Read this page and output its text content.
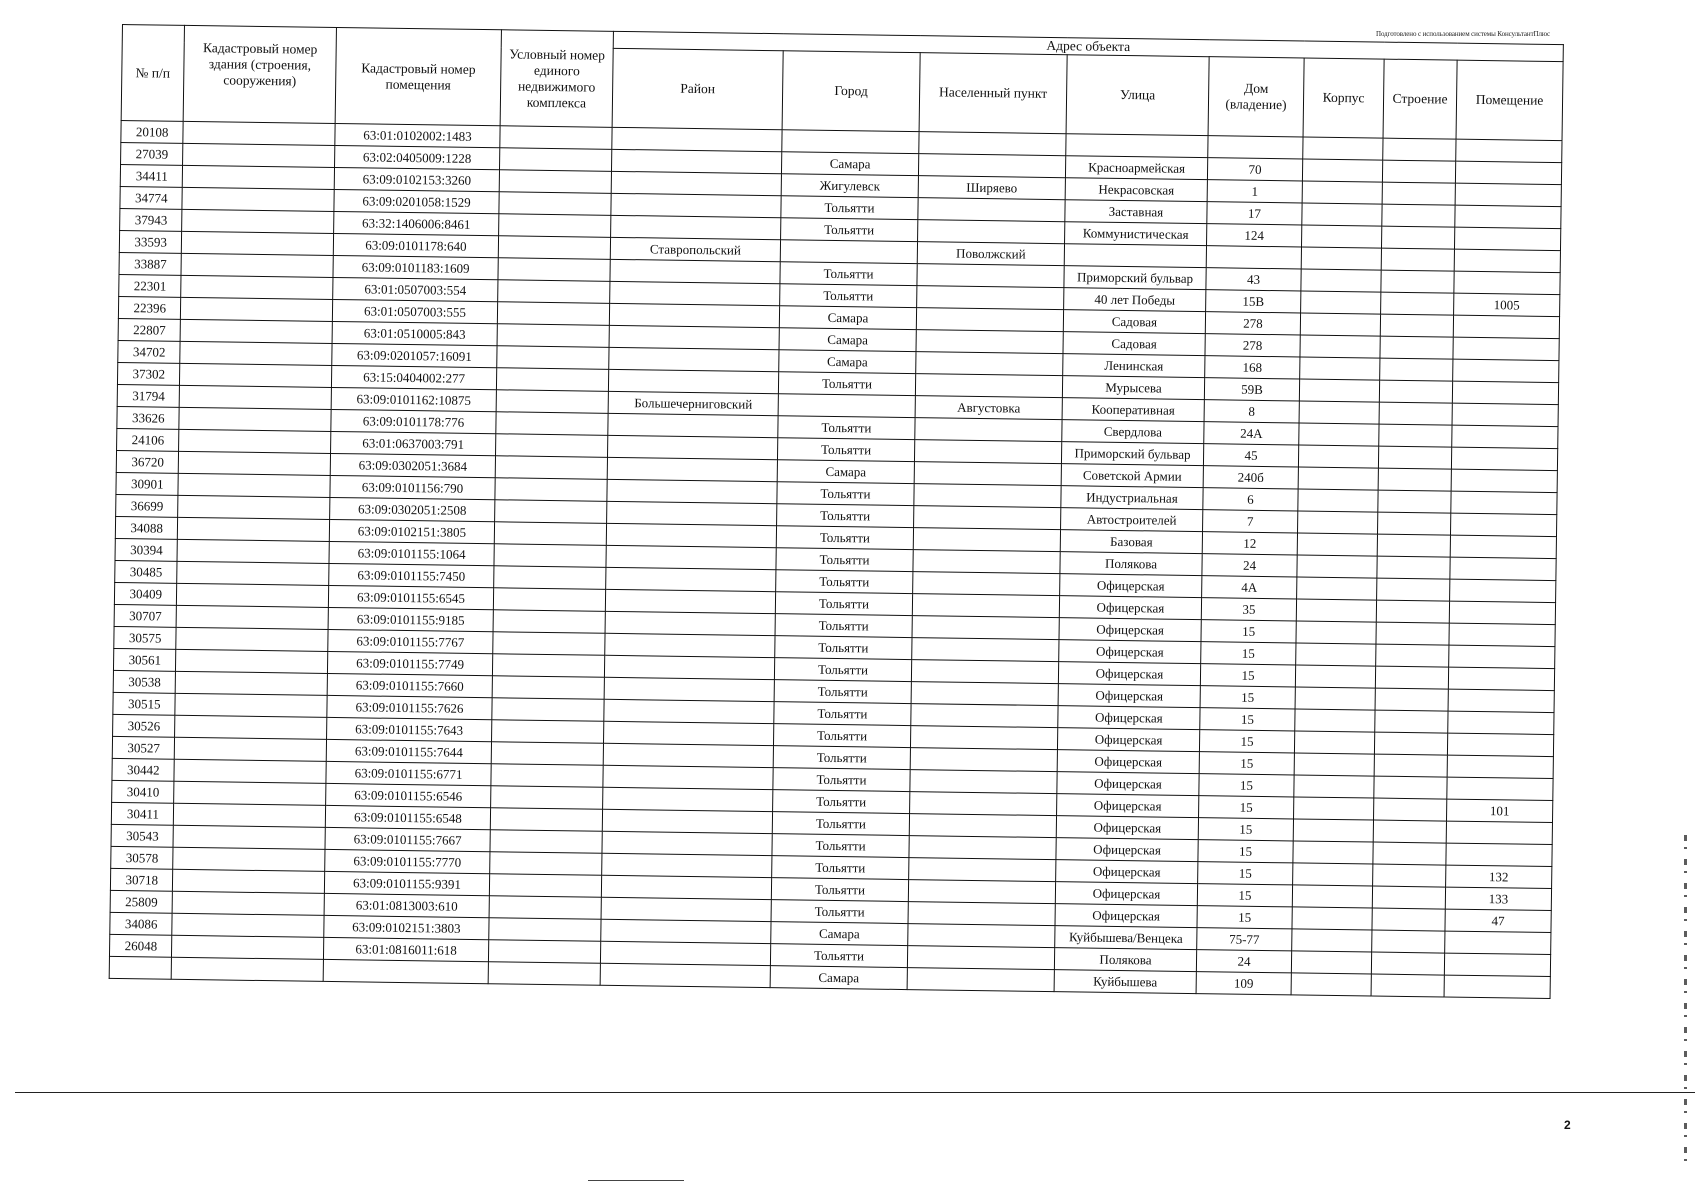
Подготовлено с использованием системы КонсультантПлюс
№ п/п	Кадастровый номер здания (строения, сооружения)	Кадастровый номер помещения	Условный номер единого недвижимого комплекса	Адрес объекта							
				Район	Город	Населенный пункт	Улица	Дом (владение)	Корпус	Строение	Помещение
20108		63:01:0102002:1483									
27039		63:02:0405009:1228			Самара		Красноармейская	70			
34411		63:09:0102153:3260			Жигулевск	Ширяево	Некрасовская	1			
34774		63:09:0201058:1529			Тольятти		Заставная	17			
37943		63:32:1406006:8461			Тольятти		Коммунистическая	124			
33593		63:09:0101178:640		Ставропольский		Поволжский					
33887		63:09:0101183:1609			Тольятти		Приморский бульвар	43			
22301		63:01:0507003:554			Тольятти		40 лет Победы	15В			1005
22396		63:01:0507003:555			Самара		Садовая	278			
22807		63:01:0510005:843			Самара		Садовая	278			
34702		63:09:0201057:16091			Самара		Ленинская	168			
37302		63:15:0404002:277			Тольятти		Мурысева	59В			
31794		63:09:0101162:10875		Большечерниговский		Августовка	Кооперативная	8			
33626		63:09:0101178:776			Тольятти		Свердлова	24А			
24106		63:01:0637003:791			Тольятти		Приморский бульвар	45			
36720		63:09:0302051:3684			Самара		Советской Армии	240б			
30901		63:09:0101156:790			Тольятти		Индустриальная	6			
36699		63:09:0302051:2508			Тольятти		Автостроителей	7			
34088		63:09:0102151:3805			Тольятти		Базовая	12			
30394		63:09:0101155:1064			Тольятти		Полякова	24			
30485		63:09:0101155:7450			Тольятти		Офицерская	4А			
30409		63:09:0101155:6545			Тольятти		Офицерская	35			
30707		63:09:0101155:9185			Тольятти		Офицерская	15			
30575		63:09:0101155:7767			Тольятти		Офицерская	15			
30561		63:09:0101155:7749			Тольятти		Офицерская	15			
30538		63:09:0101155:7660			Тольятти		Офицерская	15			
30515		63:09:0101155:7626			Тольятти		Офицерская	15			
30526		63:09:0101155:7643			Тольятти		Офицерская	15			
30527		63:09:0101155:7644			Тольятти		Офицерская	15			
30442		63:09:0101155:6771			Тольятти		Офицерская	15			
30410		63:09:0101155:6546			Тольятти		Офицерская	15			101
30411		63:09:0101155:6548			Тольятти		Офицерская	15			
30543		63:09:0101155:7667			Тольятти		Офицерская	15			
30578		63:09:0101155:7770			Тольятти		Офицерская	15			132
30718		63:09:0101155:9391			Тольятти		Офицерская	15			133
25809		63:01:0813003:610			Тольятти		Офицерская	15			47
34086		63:09:0102151:3803			Самара		Куйбышева/Венцека	75-77			
26048		63:01:0816011:618			Тольятти		Полякова	24			
					Самара		Куйбышева	109			
2
